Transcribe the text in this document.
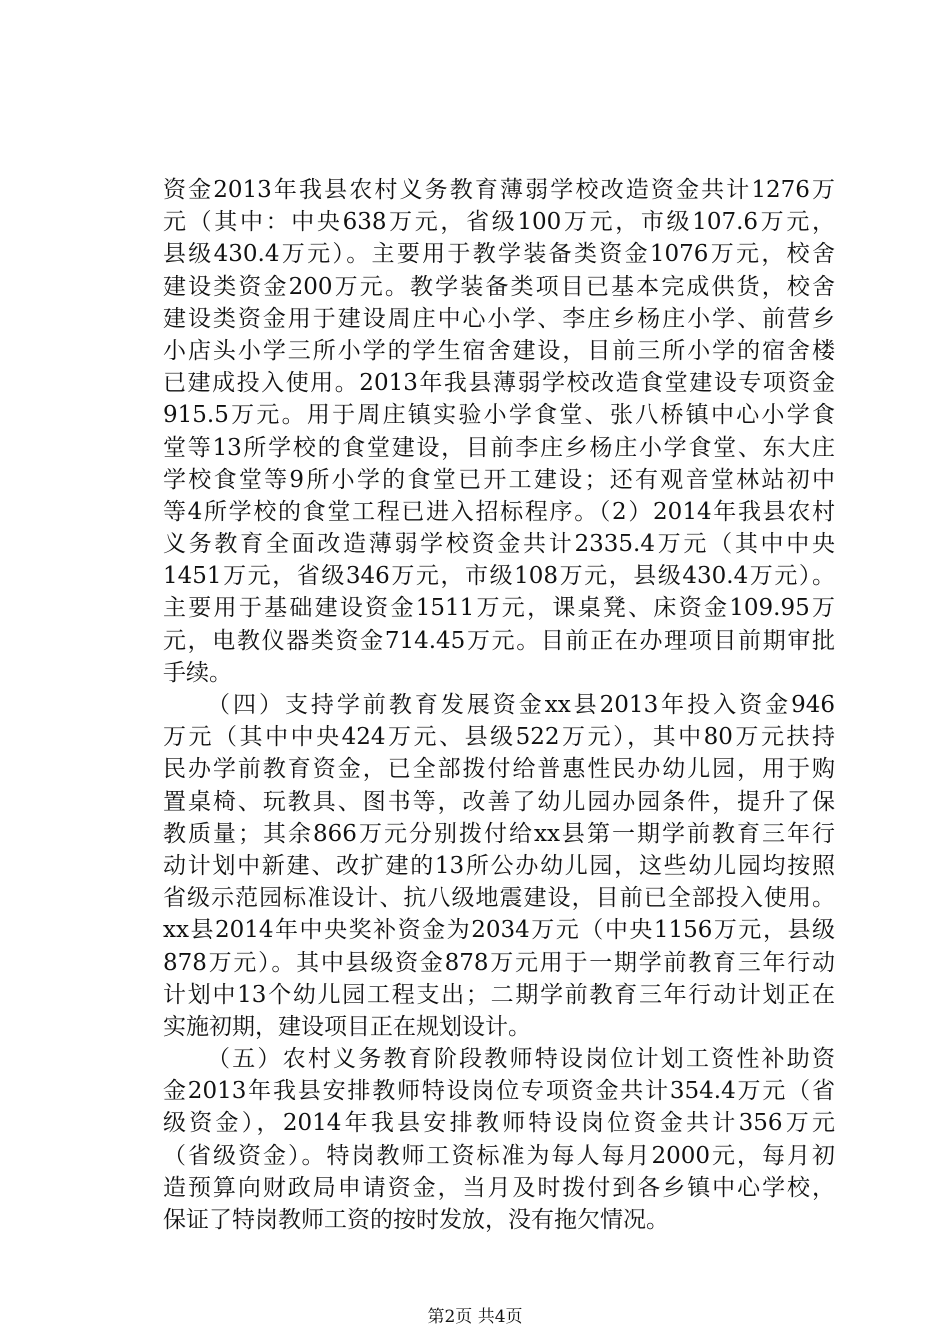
资金2013年我县农村义务教育薄弱学校改造资金共计1276万
元（其中：中央638万元，省级100万元，市级107.6万元，
县级430.4万元）。主要用于教学装备类资金1076万元，校舍
建设类资金200万元。教学装备类项目已基本完成供货，校舍
建设类资金用于建设周庄中心小学、李庄乡杨庄小学、前营乡
小店头小学三所小学的学生宿舍建设，目前三所小学的宿舍楼
已建成投入使用。2013年我县薄弱学校改造食堂建设专项资金
915.5万元。用于周庄镇实验小学食堂、张八桥镇中心小学食
堂等13所学校的食堂建设，目前李庄乡杨庄小学食堂、东大庄
学校食堂等9所小学的食堂已开工建设；还有观音堂林站初中
等4所学校的食堂工程已进入招标程序。（2）2014年我县农村
义务教育全面改造薄弱学校资金共计2335.4万元（其中中央
1451万元，省级346万元，市级108万元，县级430.4万元）。
主要用于基础建设资金1511万元，课桌凳、床资金109.95万
元，电教仪器类资金714.45万元。目前正在办理项目前期审批
手续。
（四）支持学前教育发展资金xx县2013年投入资金946
万元（其中中央424万元、县级522万元），其中80万元扶持
民办学前教育资金，已全部拨付给普惠性民办幼儿园，用于购
置桌椅、玩教具、图书等，改善了幼儿园办园条件，提升了保
教质量；其余866万元分别拨付给xx县第一期学前教育三年行
动计划中新建、改扩建的13所公办幼儿园，这些幼儿园均按照
省级示范园标准设计、抗八级地震建设，目前已全部投入使用。
xx县2014年中央奖补资金为2034万元（中央1156万元，县级
878万元）。其中县级资金878万元用于一期学前教育三年行动
计划中13个幼儿园工程支出；二期学前教育三年行动计划正在
实施初期，建设项目正在规划设计。
（五）农村义务教育阶段教师特设岗位计划工资性补助资
金2013年我县安排教师特设岗位专项资金共计354.4万元（省
级资金），2014年我县安排教师特设岗位资金共计356万元
（省级资金）。特岗教师工资标准为每人每月2000元，每月初
造预算向财政局申请资金，当月及时拨付到各乡镇中心学校，
保证了特岗教师工资的按时发放，没有拖欠情况。
第2页 共4页
